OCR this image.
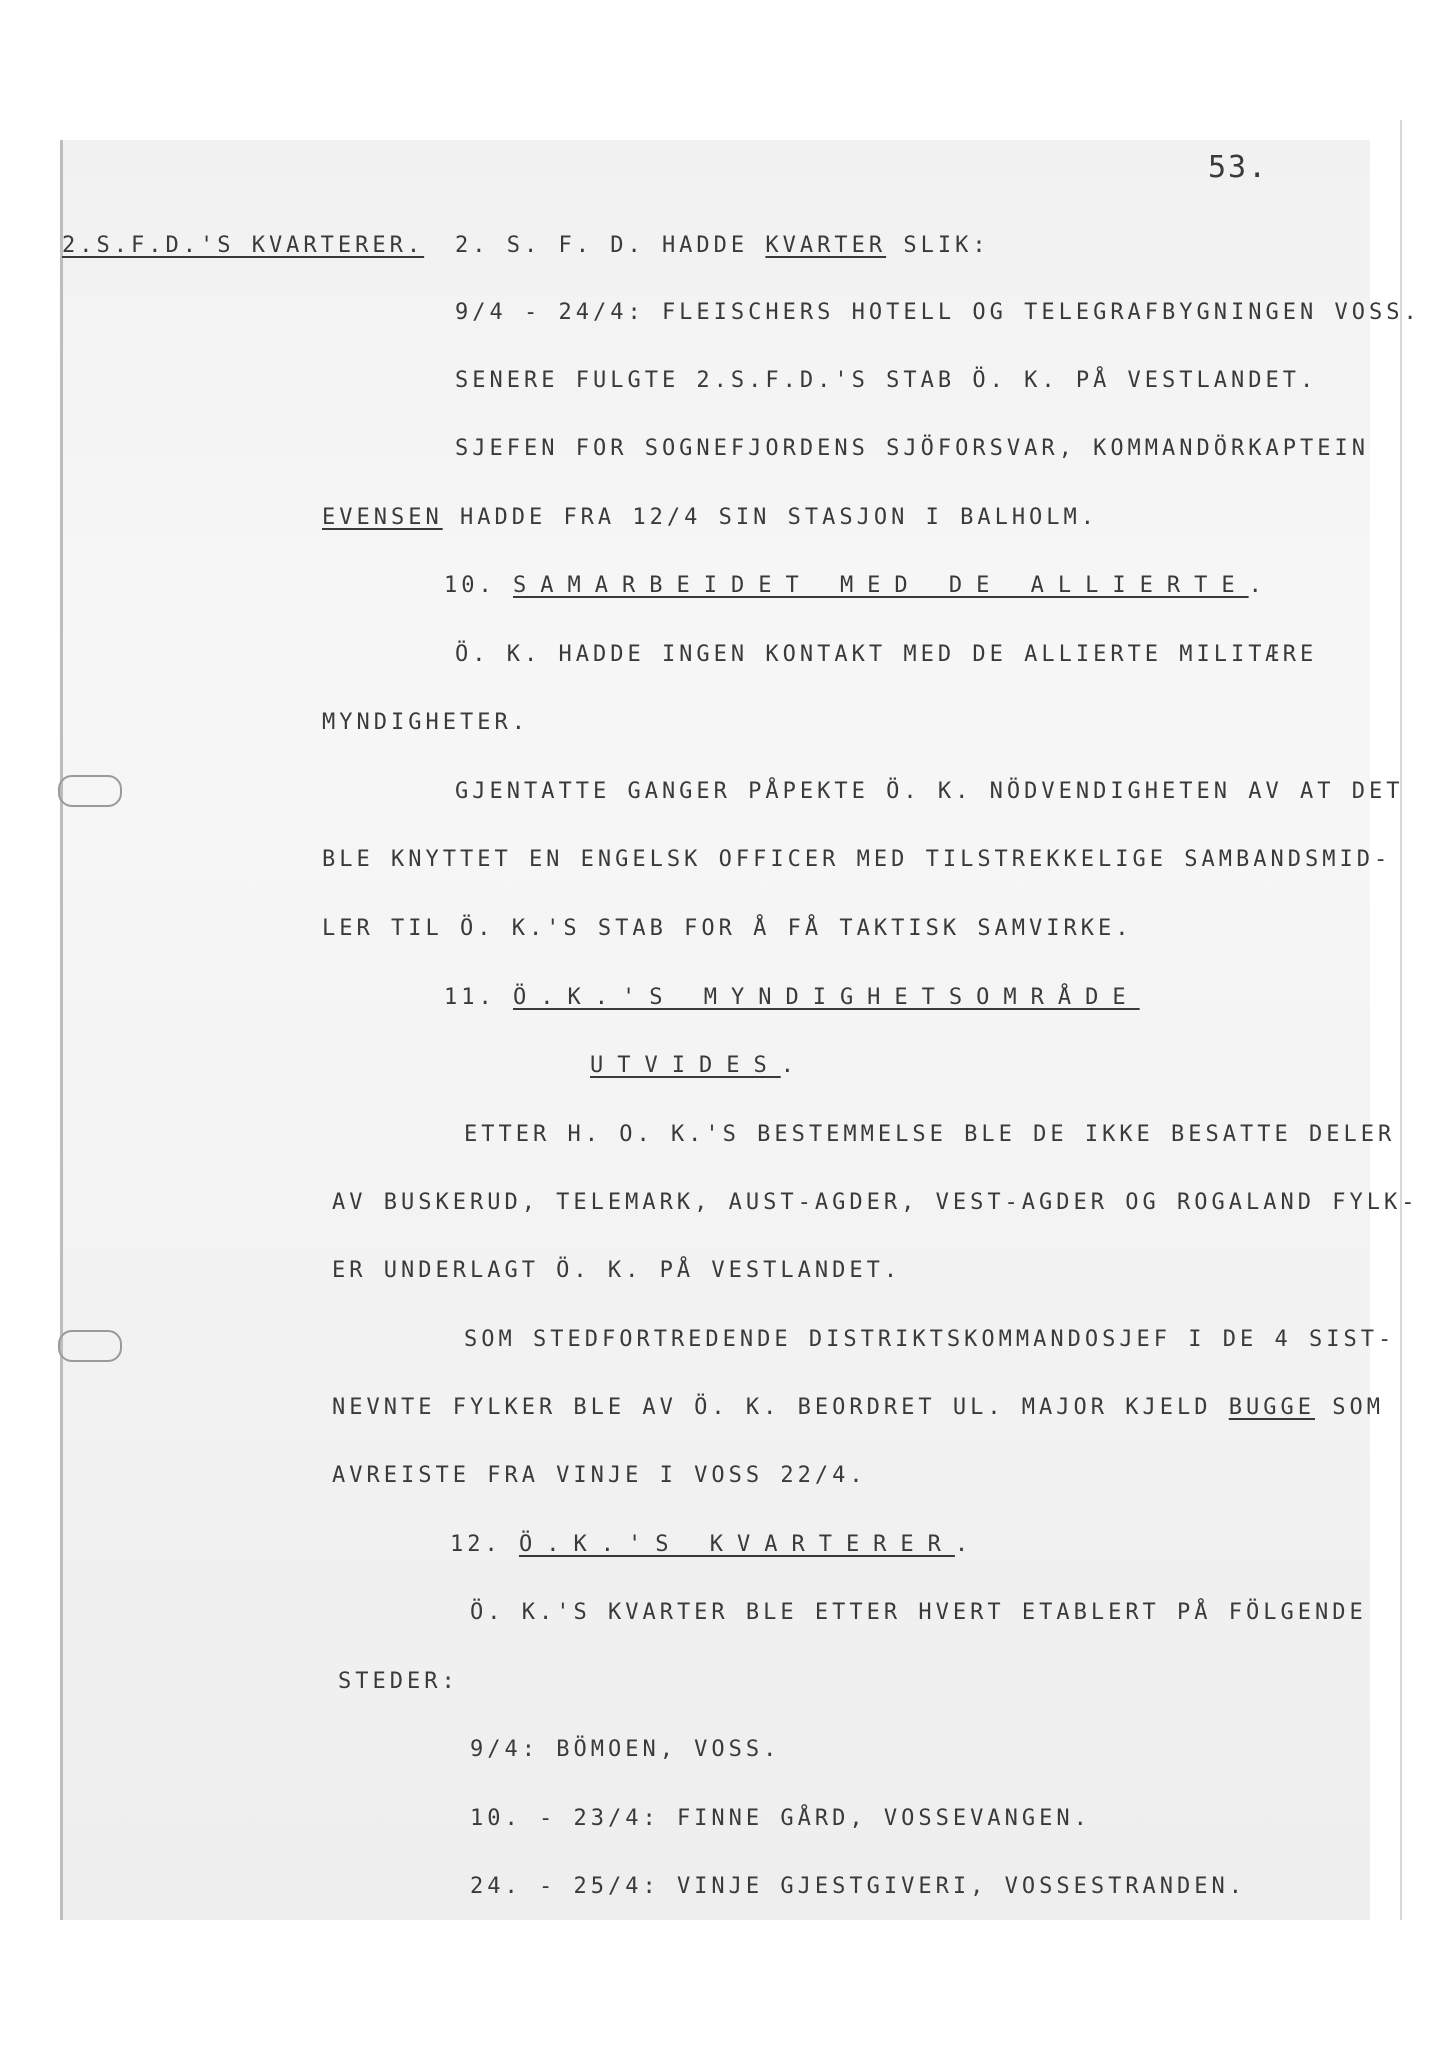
53.
2.S.F.D.'S KVARTERER. 2. S. F. D. HADDE KVARTER SLIK:
9/4 - 24/4: FLEISCHERS HOTELL OG TELEGRAFBYGNINGEN VOSS.
SENERE FULGTE 2.S.F.D.'S STAB Ö. K. PÅ VESTLANDET.
SJEFEN FOR SOGNEFJORDENS SJÖFORSVAR, KOMMANDÖRKAPTEIN
EVENSEN HADDE FRA 12/4 SIN STASJON I BALHOLM.
10. SAMARBEIDET MED DE ALLIERTE.
Ö. K. HADDE INGEN KONTAKT MED DE ALLIERTE MILITÆRE
MYNDIGHETER.
GJENTATTE GANGER PÅPEKTE Ö. K. NÖDVENDIGHETEN AV AT DET
BLE KNYTTET EN ENGELSK OFFICER MED TILSTREKKELIGE SAMBANDSMID-
LER TIL Ö. K.'S STAB FOR Å FÅ TAKTISK SAMVIRKE.
11. Ö.K.'S MYNDIGHETSOMRÅDE
UTVIDES.
ETTER H. O. K.'S BESTEMMELSE BLE DE IKKE BESATTE DELER
AV BUSKERUD, TELEMARK, AUST-AGDER, VEST-AGDER OG ROGALAND FYLK-
ER UNDERLAGT Ö. K. PÅ VESTLANDET.
SOM STEDFORTREDENDE DISTRIKTSKOMMANDOSJEF I DE 4 SIST-
NEVNTE FYLKER BLE AV Ö. K. BEORDRET UL. MAJOR KJELD BUGGE SOM
AVREISTE FRA VINJE I VOSS 22/4.
12. Ö.K.'S KVARTERER.
Ö. K.'S KVARTER BLE ETTER HVERT ETABLERT PÅ FÖLGENDE
STEDER:
9/4: BÖMOEN, VOSS.
10. - 23/4: FINNE GÅRD, VOSSEVANGEN.
24. - 25/4: VINJE GJESTGIVERI, VOSSESTRANDEN.
